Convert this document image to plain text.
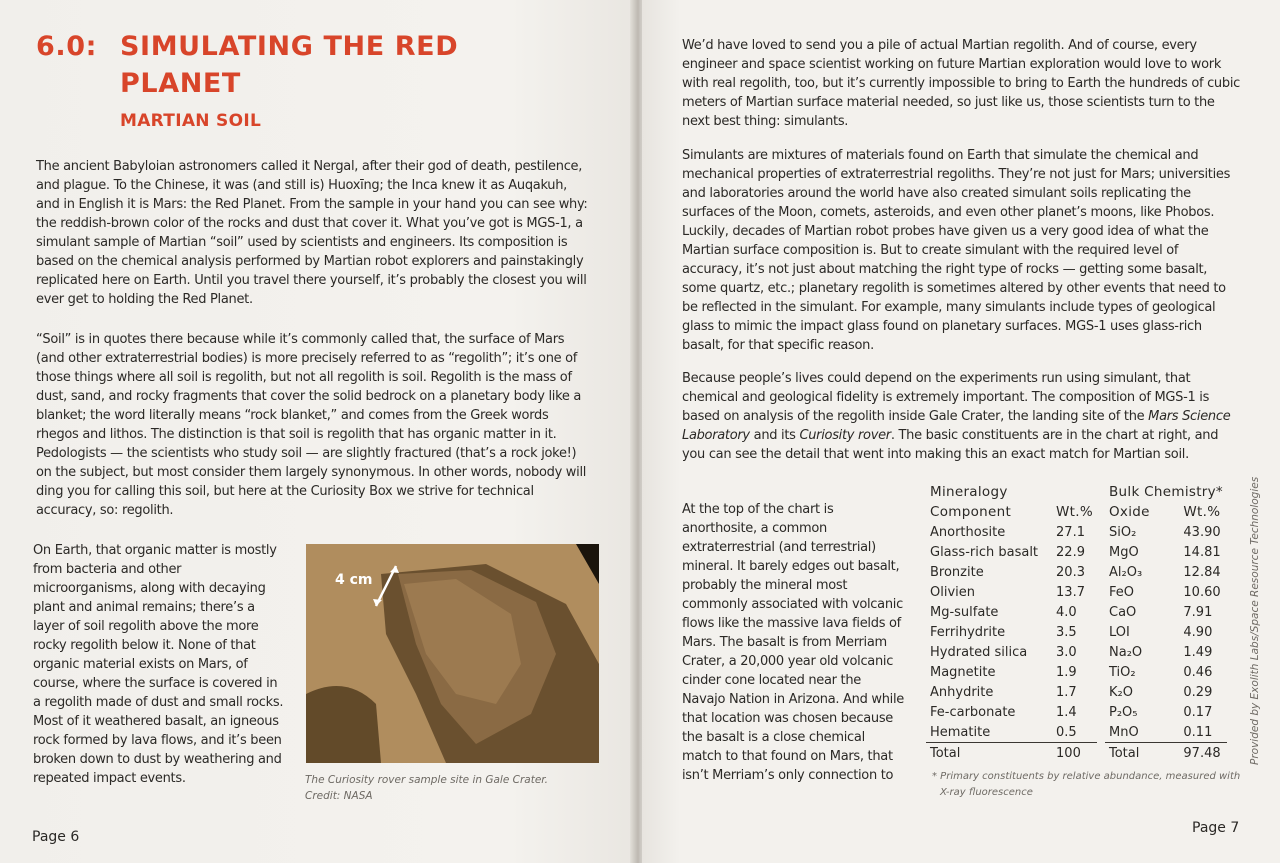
6.0: SIMULATING THE RED
PLANET
MARTIAN SOIL

The ancient Babyloian astronomers called it Nergal, after their god of death, pestilence, and plague. To the Chinese, it was (and still is) Huoxīng; the Inca knew it as Auqakuh, and in English it is Mars: the Red Planet. From the sample in your hand you can see why: the reddish-brown color of the rocks and dust that cover it. What you’ve got is MGS-1, a simulant sample of Martian “soil” used by scientists and engineers. Its composition is based on the chemical analysis performed by Martian robot explorers and painstakingly replicated here on Earth. Until you travel there yourself, it’s probably the closest you will ever get to holding the Red Planet.

“Soil” is in quotes there because while it’s commonly called that, the surface of Mars (and other extraterrestrial bodies) is more precisely referred to as “regolith”; it’s one of those things where all soil is regolith, but not all regolith is soil. Regolith is the mass of dust, sand, and rocky fragments that cover the solid bedrock on a planetary body like a blanket; the word literally means “rock blanket,” and comes from the Greek words rhegos and lithos. The distinction is that soil is regolith that has organic matter in it. Pedologists — the scientists who study soil — are slightly fractured (that’s a rock joke!) on the subject, but most consider them largely synonymous. In other words, nobody will ding you for calling this soil, but here at the Curiosity Box we strive for technical accuracy, so: regolith.

On Earth, that organic matter is mostly from bacteria and other microorganisms, along with decaying plant and animal remains; there’s a layer of soil regolith above the more rocky regolith below it. None of that organic material exists on Mars, of course, where the surface is covered in a regolith made of dust and small rocks. Most of it weathered basalt, an igneous rock formed by lava flows, and it’s been broken down to dust by weathering and repeated impact events.

4 cm

The Curiosity rover sample site in Gale Crater.
Credit: NASA

Page 6

We’d have loved to send you a pile of actual Martian regolith. And of course, every engineer and space scientist working on future Martian exploration would love to work with real regolith, too, but it’s currently impossible to bring to Earth the hundreds of cubic meters of Martian surface material needed, so just like us, those scientists turn to the next best thing: simulants.

Simulants are mixtures of materials found on Earth that simulate the chemical and mechanical properties of extraterrestrial regoliths. They’re not just for Mars; universities and laboratories around the world have also created simulant soils replicating the surfaces of the Moon, comets, asteroids, and even other planet’s moons, like Phobos. Luckily, decades of Martian robot probes have given us a very good idea of what the Martian surface composition is. But to create simulant with the required level of accuracy, it’s not just about matching the right type of rocks — getting some basalt, some quartz, etc.; planetary regolith is sometimes altered by other events that need to be reflected in the simulant. For example, many simulants include types of geological glass to mimic the impact glass found on planetary surfaces. MGS-1 uses glass-rich basalt, for that specific reason.

Because people’s lives could depend on the experiments run using simulant, that chemical and geological fidelity is extremely important. The composition of MGS-1 is based on analysis of the regolith inside Gale Crater, the landing site of the Mars Science Laboratory and its Curiosity rover. The basic constituents are in the chart at right, and you can see the detail that went into making this an exact match for Martian soil.

At the top of the chart is anorthosite, a common extraterrestrial (and terrestrial) mineral. It barely edges out basalt, probably the mineral most commonly associated with volcanic flows like the massive lava fields of Mars. The basalt is from Merriam Crater, a 20,000 year old volcanic cinder cone located near the Navajo Nation in Arizona. And while that location was chosen because the basalt is a close chemical match to that found on Mars, that isn’t Merriam’s only connection to

Page 7
Mineralogy	
Component	Wt.%
Anorthosite	27.1
Glass-rich basalt	22.9
Bronzite	20.3
Olivien	13.7
Mg-sulfate	4.0
Ferrihydrite	3.5
Hydrated silica	3.0
Magnetite	1.9
Anhydrite	1.7
Fe-carbonate	1.4
Hematite	0.5
Total	100
Bulk Chemistry*	
Oxide	Wt.%
SiO₂	43.90
MgO	14.81
Al₂O₃	12.84
FeO	10.60
CaO	7.91
LOI	4.90
Na₂O	1.49
TiO₂	0.46
K₂O	0.29
P₂O₅	0.17
MnO	0.11
Total	97.48

* Primary constituents by relative abundance, measured with
X-ray fluorescence

Provided by Exolith Labs/Space Resource Technologies
